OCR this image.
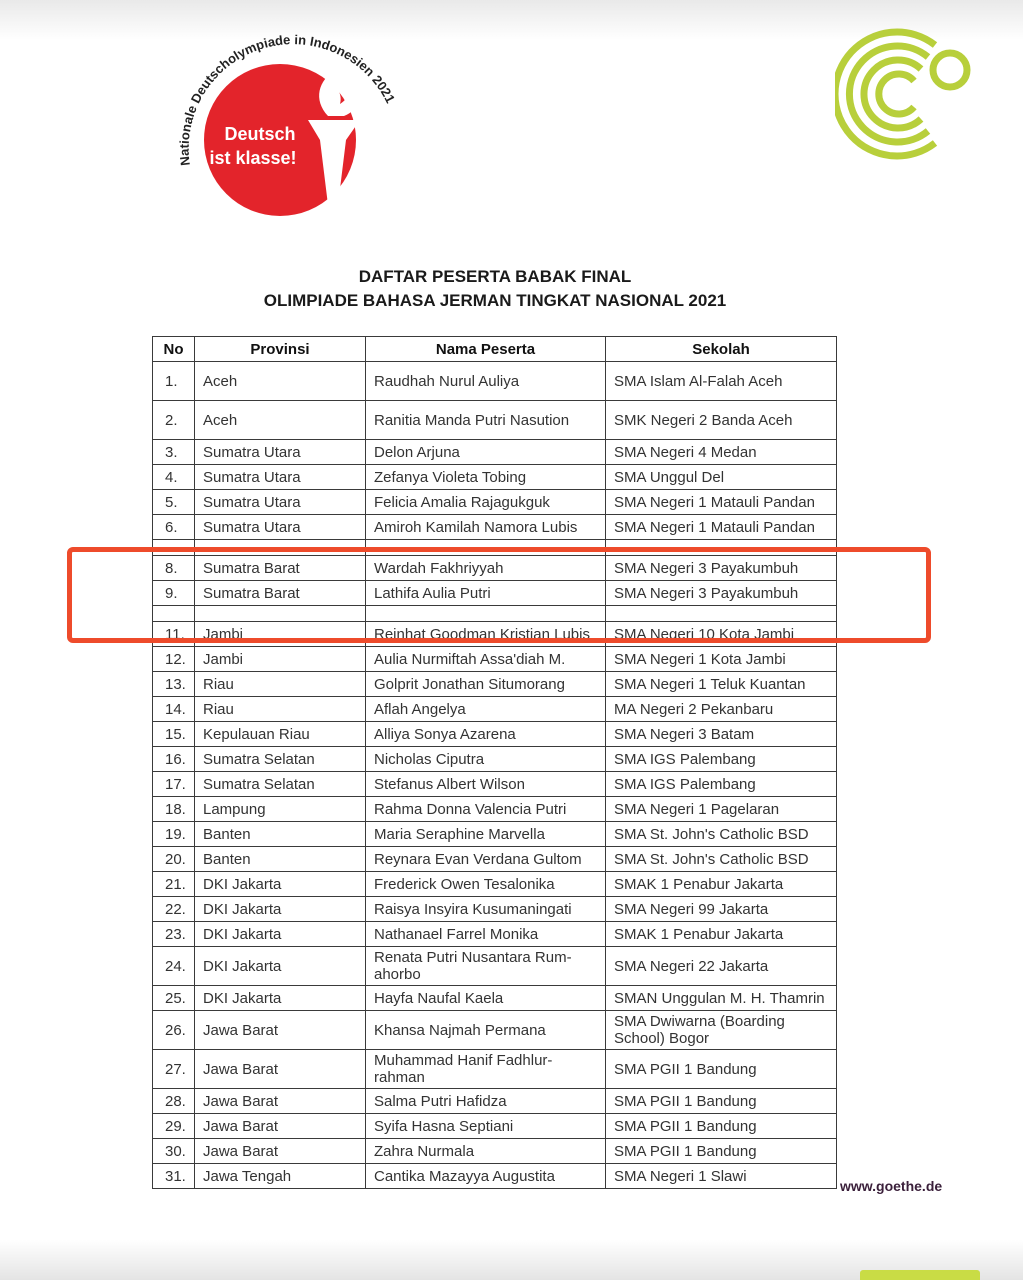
Nationale Deutscholympiade in Indonesien 2021
Deutsch
ist klasse!
DAFTAR PESERTA BABAK FINAL
OLIMPIADE BAHASA JERMAN TINGKAT NASIONAL 2021
No	Provinsi	Nama Peserta	Sekolah
1.	Aceh	Raudhah Nurul Auliya	SMA Islam Al-Falah Aceh
2.	Aceh	Ranitia Manda Putri Nasution	SMK Negeri 2 Banda Aceh
3.	Sumatra Utara	Delon Arjuna	SMA Negeri 4 Medan
4.	Sumatra Utara	Zefanya Violeta Tobing	SMA Unggul Del
5.	Sumatra Utara	Felicia Amalia Rajagukguk	SMA Negeri 1 Matauli Pandan
6.	Sumatra Utara	Amiroh Kamilah Namora Lubis	SMA Negeri 1 Matauli Pandan

8.	Sumatra Barat	Wardah Fakhriyyah	SMA Negeri 3 Payakumbuh
9.	Sumatra Barat	Lathifa Aulia Putri	SMA Negeri 3 Payakumbuh

11.	Jambi	Reinhat Goodman Kristian Lubis	SMA Negeri 10 Kota Jambi
12.	Jambi	Aulia Nurmiftah Assa'diah M.	SMA Negeri 1 Kota Jambi
13.	Riau	Golprit Jonathan Situmorang	SMA Negeri 1 Teluk Kuantan
14.	Riau	Aflah Angelya	MA Negeri 2 Pekanbaru
15.	Kepulauan Riau	Alliya Sonya Azarena	SMA Negeri 3 Batam
16.	Sumatra Selatan	Nicholas Ciputra	SMA IGS Palembang
17.	Sumatra Selatan	Stefanus Albert Wilson	SMA IGS Palembang
18.	Lampung	Rahma Donna Valencia Putri	SMA Negeri 1 Pagelaran
19.	Banten	Maria Seraphine Marvella	SMA St. John's Catholic BSD
20.	Banten	Reynara Evan Verdana Gultom	SMA St. John's Catholic BSD
21.	DKI Jakarta	Frederick Owen Tesalonika	SMAK 1 Penabur Jakarta
22.	DKI Jakarta	Raisya Insyira Kusumaningati	SMA Negeri 99 Jakarta
23.	DKI Jakarta	Nathanael Farrel Monika	SMAK 1 Penabur Jakarta
24.	DKI Jakarta	Renata Putri Nusantara Rum-ahorbo	SMA Negeri 22 Jakarta
25.	DKI Jakarta	Hayfa Naufal Kaela	SMAN Unggulan M. H. Thamrin
26.	Jawa Barat	Khansa Najmah Permana	SMA Dwiwarna (Boarding School) Bogor
27.	Jawa Barat	Muhammad Hanif Fadhlur-rahman	SMA PGII 1 Bandung
28.	Jawa Barat	Salma Putri Hafidza	SMA PGII 1 Bandung
29.	Jawa Barat	Syifa Hasna Septiani	SMA PGII 1 Bandung
30.	Jawa Barat	Zahra Nurmala	SMA PGII 1 Bandung
31.	Jawa Tengah	Cantika Mazayya Augustita	SMA Negeri 1 Slawi
www.goethe.de
